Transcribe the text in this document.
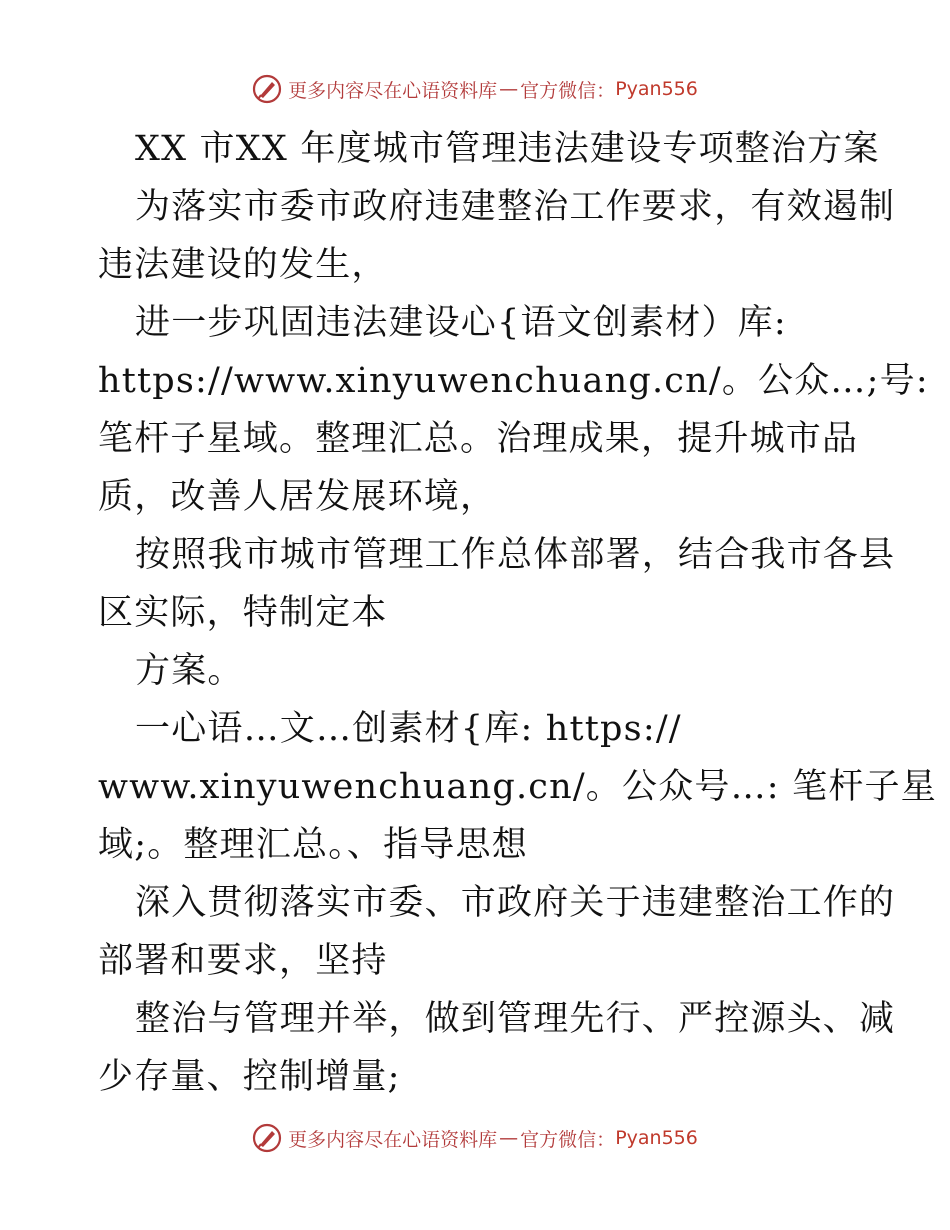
更多内容尽在心语资料库 — 官方微信： Pyan556
XX 市XX 年度城市管理违法建设专项整治方案
为落实市委市政府违建整治工作要求，有效遏制
违法建设的发生，
进一步巩固违法建设心{语文创素材）库:
https://www.xinyuwenchuang.cn/。公众…;号:
笔杆子星域。整理汇总。治理成果，提升城市品
质，改善人居发展环境，
按照我市城市管理工作总体部署，结合我市各县
区实际，特制定本
方案。
一心语…文…创素材{库: https://
www.xinyuwenchuang.cn/。公众号…: 笔杆子星
域;。整理汇总。、指导思想
深入贯彻落实市委、市政府关于违建整治工作的
部署和要求，坚持
整治与管理并举，做到管理先行、严控源头、减
少存量、控制增量;
更多内容尽在心语资料库 — 官方微信： Pyan556
